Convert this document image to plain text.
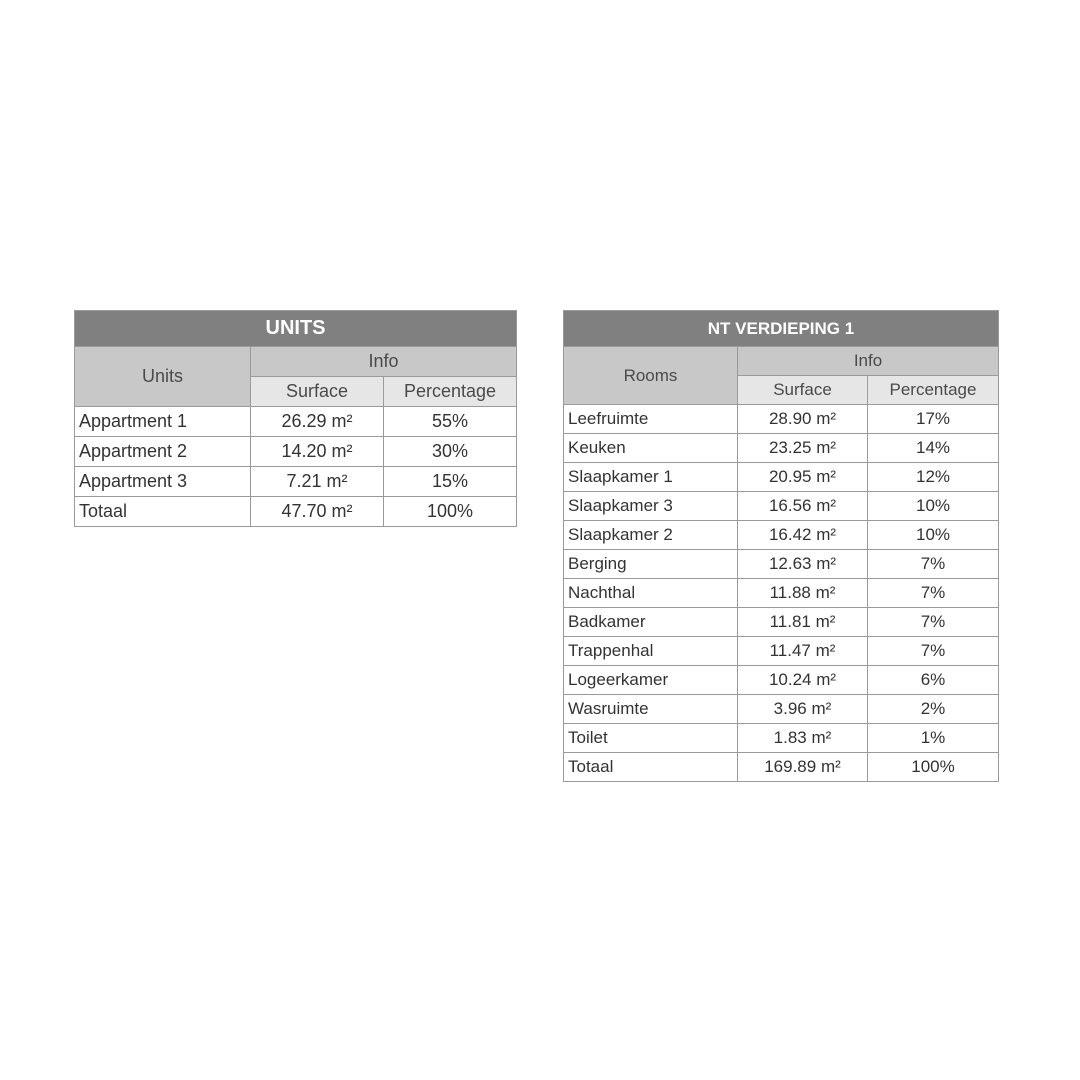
UNITS		
Units	Info	
	Surface	Percentage
Appartment 1	26.29 m²	55%
Appartment 2	14.20 m²	30%
Appartment 3	7.21 m²	15%
Totaal	47.70 m²	100%
NT VERDIEPING 1		
Rooms	Info	
	Surface	Percentage
Leefruimte	28.90 m²	17%
Keuken	23.25 m²	14%
Slaapkamer 1	20.95 m²	12%
Slaapkamer 3	16.56 m²	10%
Slaapkamer 2	16.42 m²	10%
Berging	12.63 m²	7%
Nachthal	11.88 m²	7%
Badkamer	11.81 m²	7%
Trappenhal	11.47 m²	7%
Logeerkamer	10.24 m²	6%
Wasruimte	3.96 m²	2%
Toilet	1.83 m²	1%
Totaal	169.89 m²	100%
